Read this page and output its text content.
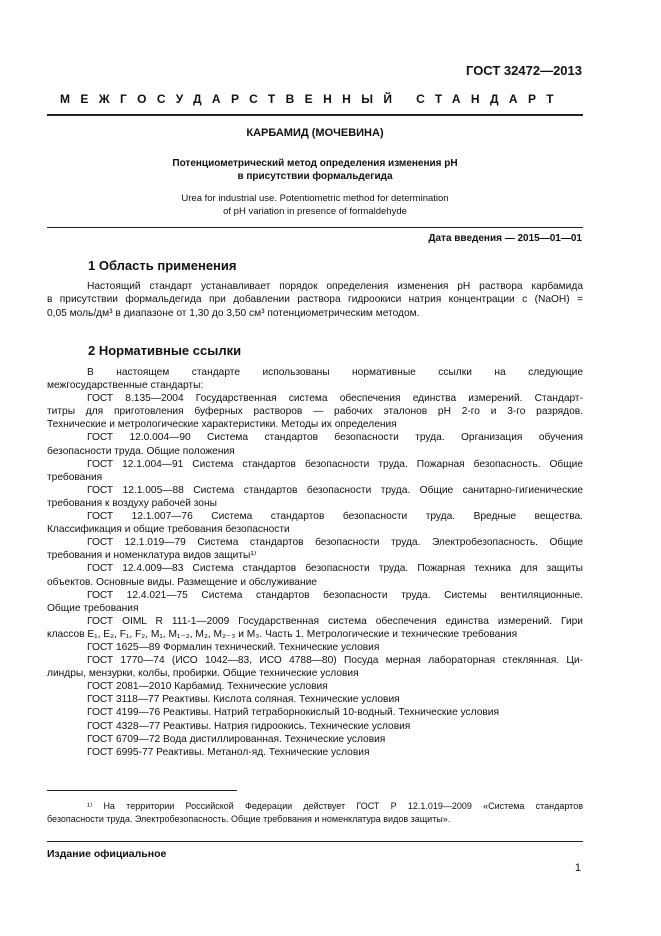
ГОСТ 32472—2013
МЕЖГОСУДАРСТВЕННЫЙ СТАНДАРТ
КАРБАМИД (МОЧЕВИНА)
Потенциометрический метод определения изменения pH
в присутствии формальдегида
Urea for industrial use. Potentiometric method for determination
of pH variation in presence of formaldehyde
Дата введения — 2015—01—01
1 Область применения
Настоящий стандарт устанавливает порядок определения изменения pH раствора карбамида
в присутствии формальдегида при добавлении раствора гидроокиси натрия концентрации c (NaOH) =
0,05 моль/дм³ в диапазоне от 1,30 до 3,50 см³ потенциометрическим методом.
2 Нормативные ссылки
В настоящем стандарте использованы нормативные ссылки на следующие
межгосударственные стандарты:
ГОСТ 8.135—2004 Государственная система обеспечения единства измерений. Стандарт-
титры для приготовления буферных растворов — рабочих эталонов pH 2-го и 3-го разрядов.
Технические и метрологические характеристики. Методы их определения
ГОСТ 12.0.004—90 Система стандартов безопасности труда. Организация обучения
безопасности труда. Общие положения
ГОСТ 12.1.004—91 Система стандартов безопасности труда. Пожарная безопасность. Общие
требования
ГОСТ 12.1.005—88 Система стандартов безопасности труда. Общие санитарно-гигиенические
требования к воздуху рабочей зоны
ГОСТ 12.1.007—76 Система стандартов безопасности труда. Вредные вещества.
Классификация и общие требования безопасности
ГОСТ 12.1.019—79 Система стандартов безопасности труда. Электробезопасность. Общие
требования и номенклатура видов защиты¹⁾
ГОСТ 12.4.009—83 Система стандартов безопасности труда. Пожарная техника для защиты
объектов. Основные виды. Размещение и обслуживание
ГОСТ 12.4.021—75 Система стандартов безопасности труда. Системы вентиляционные.
Общие требования
ГОСТ OIML R 111-1—2009 Государственная система обеспечения единства измерений. Гири
классов E₁, E₂, F₁, F₂, M₁, M₁₋₂, M₂, M₂₋₃ и M₃. Часть 1. Метрологические и технические требования
ГОСТ 1625—89 Формалин технический. Технические условия
ГОСТ 1770—74 (ИСО 1042—83, ИСО 4788—80) Посуда мерная лабораторная стеклянная. Ци-
линдры, мензурки, колбы, пробирки. Общие технические условия
ГОСТ 2081—2010 Карбамид. Технические условия
ГОСТ 3118—77 Реактивы. Кислота соляная. Технические условия
ГОСТ 4199—76 Реактивы. Натрий тетраборнокислый 10-водный. Технические условия
ГОСТ 4328—77 Реактивы. Натрия гидроокись. Технические условия
ГОСТ 6709—72 Вода дистиллированная. Технические условия
ГОСТ 6995-77 Реактивы. Метанол-яд. Технические условия
¹⁾ На территории Российской Федерации действует ГОСТ Р 12.1.019—2009 «Система стандартов
безопасности труда. Электробезопасность. Общие требования и номенклатура видов защиты».
Издание официальное
1
